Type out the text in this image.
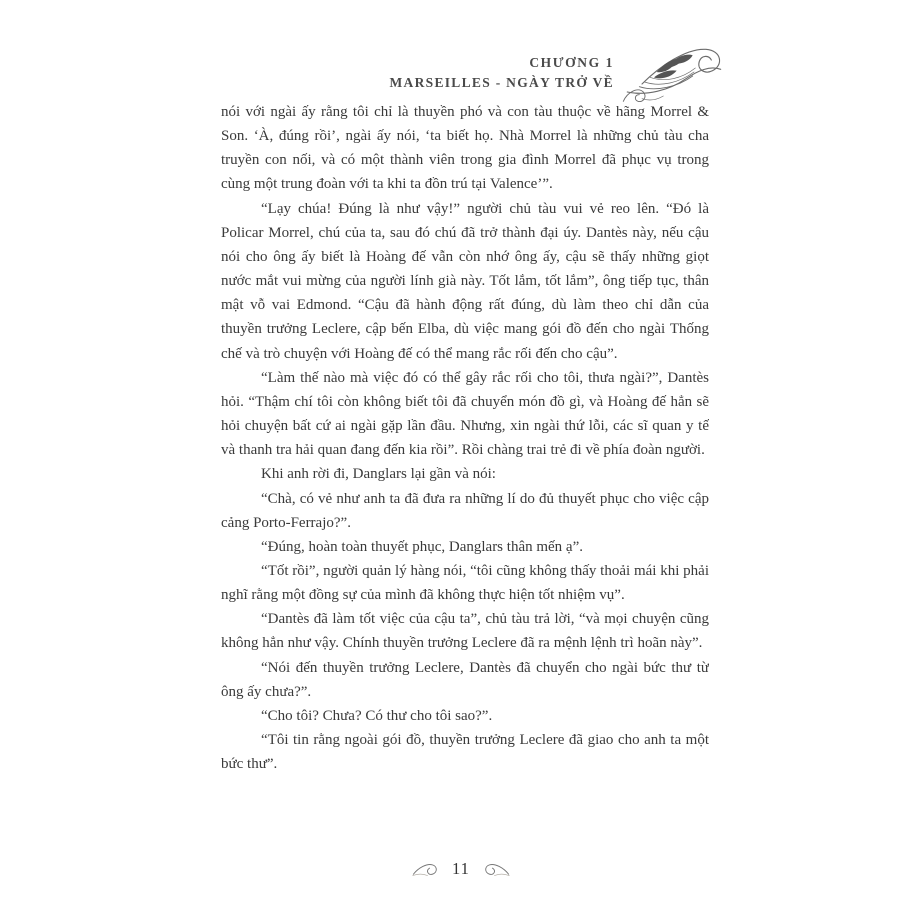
CHƯƠNG 1
MARSEILLES - NGÀY TRỞ VỀ

nói với ngài ấy rằng tôi chỉ là thuyền phó và con tàu thuộc về hãng Morrel & Son. ‘À, đúng rồi’, ngài ấy nói, ‘ta biết họ. Nhà Morrel là những chủ tàu cha truyền con nối, và có một thành viên trong gia đình Morrel đã phục vụ trong cùng một trung đoàn với ta khi ta đồn trú tại Valence’”.

“Lạy chúa! Đúng là như vậy!” người chủ tàu vui vẻ reo lên. “Đó là Policar Morrel, chú của ta, sau đó chú đã trở thành đại úy. Dantès này, nếu cậu nói cho ông ấy biết là Hoàng đế vẫn còn nhớ ông ấy, cậu sẽ thấy những giọt nước mắt vui mừng của người lính già này. Tốt lắm, tốt lắm”, ông tiếp tục, thân mật vỗ vai Edmond. “Cậu đã hành động rất đúng, dù làm theo chỉ dẫn của thuyền trưởng Leclere, cập bến Elba, dù việc mang gói đồ đến cho ngài Thống chế và trò chuyện với Hoàng đế có thể mang rắc rối đến cho cậu”.

“Làm thế nào mà việc đó có thể gây rắc rối cho tôi, thưa ngài?”, Dantès hỏi. “Thậm chí tôi còn không biết tôi đã chuyển món đồ gì, và Hoàng đế hẳn sẽ hỏi chuyện bất cứ ai ngài gặp lần đầu. Nhưng, xin ngài thứ lỗi, các sĩ quan y tế và thanh tra hải quan đang đến kia rồi”. Rồi chàng trai trẻ đi về phía đoàn người.

Khi anh rời đi, Danglars lại gần và nói:

“Chà, có vẻ như anh ta đã đưa ra những lí do đủ thuyết phục cho việc cập cảng Porto-Ferrajo?”.

“Đúng, hoàn toàn thuyết phục, Danglars thân mến ạ”.

“Tốt rồi”, người quản lý hàng nói, “tôi cũng không thấy thoải mái khi phải nghĩ rằng một đồng sự của mình đã không thực hiện tốt nhiệm vụ”.

“Dantès đã làm tốt việc của cậu ta”, chủ tàu trả lời, “và mọi chuyện cũng không hẳn như vậy. Chính thuyền trưởng Leclere đã ra mệnh lệnh trì hoãn này”.

“Nói đến thuyền trưởng Leclere, Dantès đã chuyển cho ngài bức thư từ ông ấy chưa?”.

“Cho tôi? Chưa? Có thư cho tôi sao?”.

“Tôi tin rằng ngoài gói đồ, thuyền trưởng Leclere đã giao cho anh ta một bức thư”.

11
